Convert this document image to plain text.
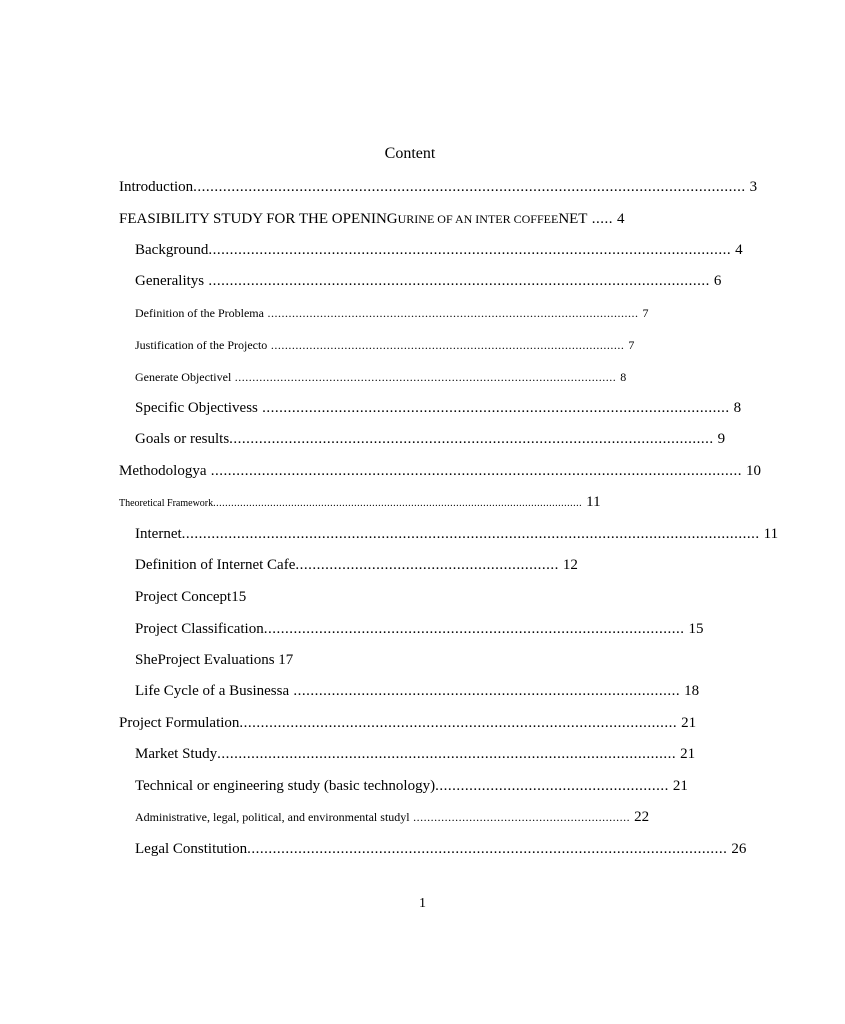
Content
Introduction.................................................................................................................................. 3
FEASIBILITY STUDY FOR THE OPENINGURINE OF AN INTER COFFEENET ..... 4
Background........................................................................................................................... 4
Generalitys ...................................................................................................................... 6
Definition of the Problema .......................................................................................................... 7
Justification of the Projecto ..................................................................................................... 7
Generate Objectivel ............................................................................................................. 8
Specific Objectivess .............................................................................................................. 8
Goals or results.................................................................................................................. 9
Methodologya ............................................................................................................................. 10
Theoretical Framework........................................................................................................................... 11
Internet........................................................................................................................................ 11
Definition of Internet Cafe.............................................................. 12
Project Concept15
Project Classification................................................................................................... 15
SheProject Evaluations 17
Life Cycle of a Businessa ........................................................................................... 18
Project Formulation....................................................................................................... 21
Market Study............................................................................................................ 21
Technical or engineering study (basic technology)....................................................... 21
Administrative, legal, political, and environmental studyl .............................................................. 22
Legal Constitution................................................................................................................. 26
1
